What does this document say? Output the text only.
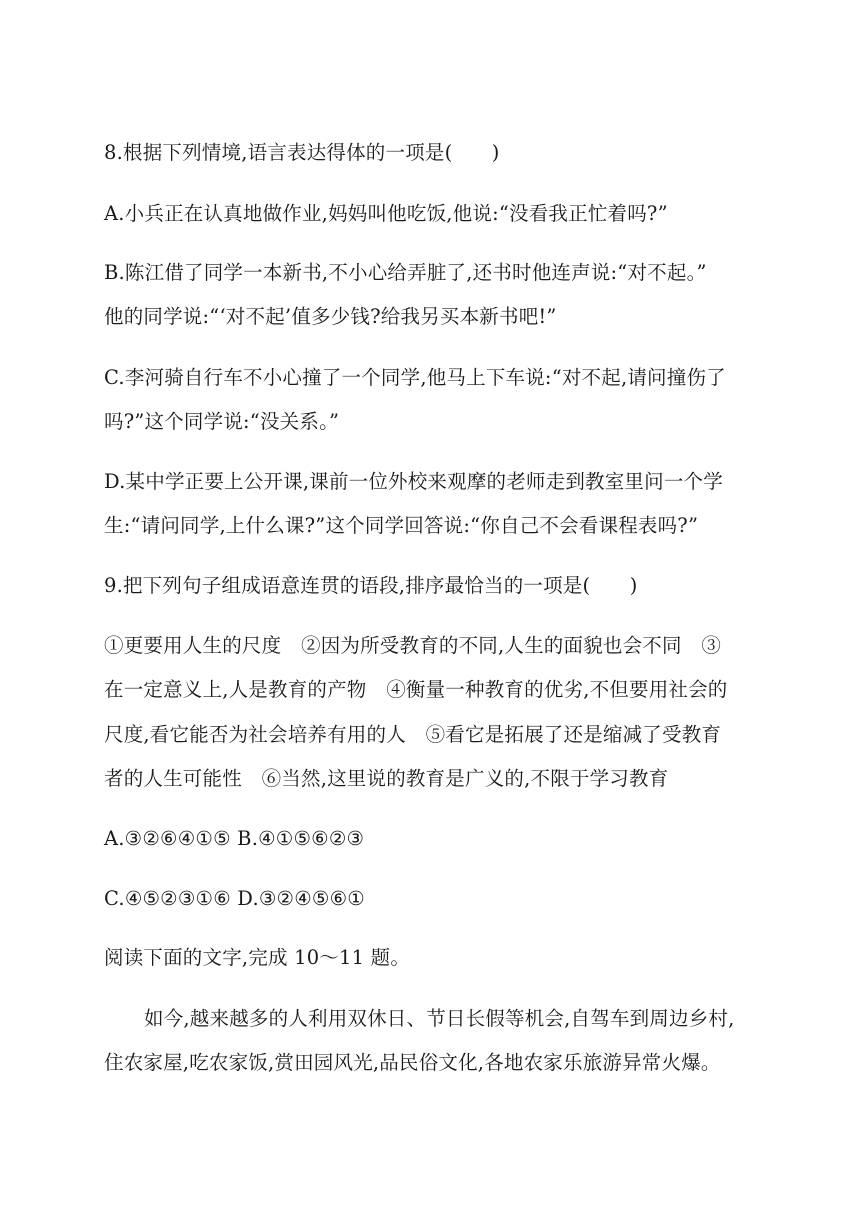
8.根据下列情境,语言表达得体的一项是(　　)
A.小兵正在认真地做作业,妈妈叫他吃饭,他说:“没看我正忙着吗?”
B.陈江借了同学一本新书,不小心给弄脏了,还书时他连声说:“对不起。”
他的同学说:“‘对不起’值多少钱?给我另买本新书吧!”
C.李河骑自行车不小心撞了一个同学,他马上下车说:“对不起,请问撞伤了
吗?”这个同学说:“没关系。”
D.某中学正要上公开课,课前一位外校来观摩的老师走到教室里问一个学
生:“请问同学,上什么课?”这个同学回答说:“你自己不会看课程表吗?”
9.把下列句子组成语意连贯的语段,排序最恰当的一项是(　　)
①更要用人生的尺度　②因为所受教育的不同,人生的面貌也会不同　③
在一定意义上,人是教育的产物　④衡量一种教育的优劣,不但要用社会的
尺度,看它能否为社会培养有用的人　⑤看它是拓展了还是缩减了受教育
者的人生可能性　⑥当然,这里说的教育是广义的,不限于学习教育
A.③②⑥④①⑤ B.④①⑤⑥②③
C.④⑤②③①⑥ D.③②④⑤⑥①
阅读下面的文字,完成 10～11 题。
如今,越来越多的人利用双休日、节日长假等机会,自驾车到周边乡村,
住农家屋,吃农家饭,赏田园风光,品民俗文化,各地农家乐旅游异常火爆。
